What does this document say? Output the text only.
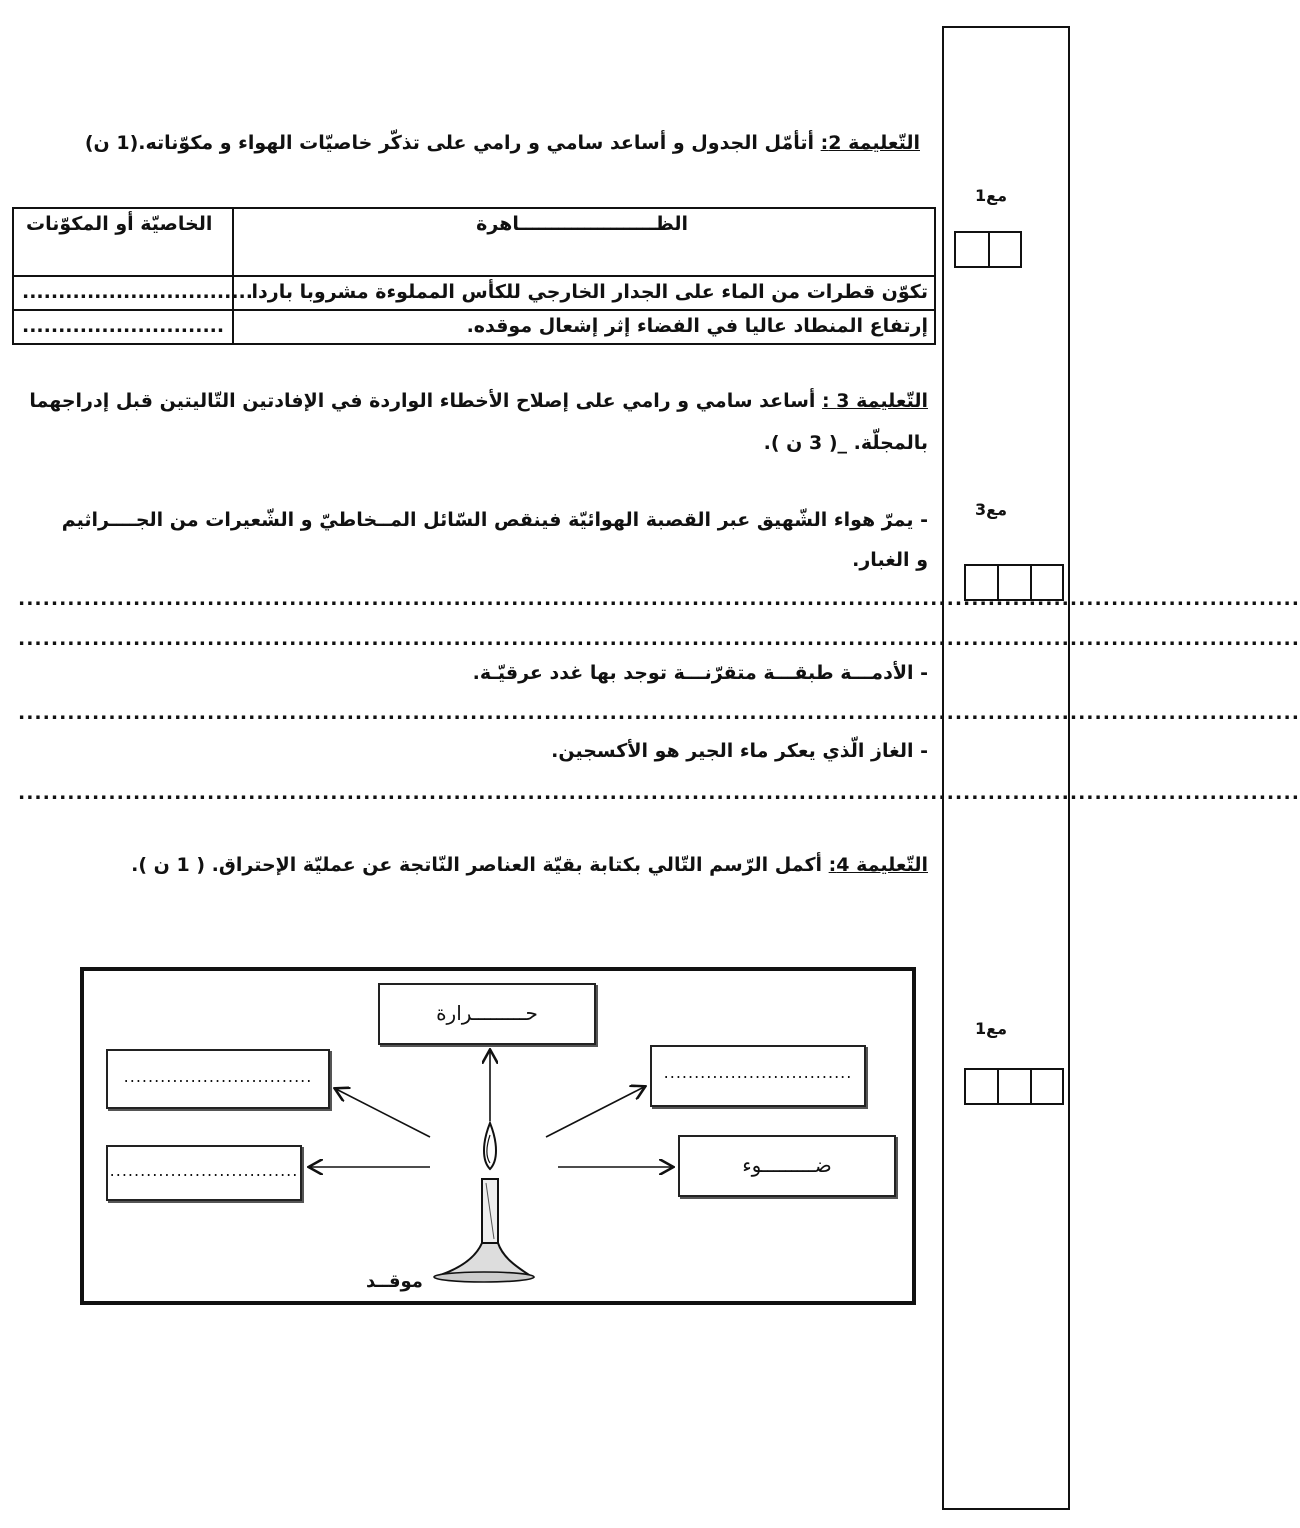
مع1
مع3
مع1
التّعليمة 2: أتأمّل الجدول و أساعد سامي و رامي على تذكّر خاصيّات الهواء و مكوّناته.(1 ن)
الظـــــــــــــــــــــاهرة
الخاصيّة أو المكوّنات
تكوّن قطرات من الماء على الجدار الخارجي للكأس المملوءة مشروبا باردا
................................
إرتفاع المنطاد عاليا في الفضاء إثر إشعال موقده.
............................
التّعليمة 3 : أساعد سامي و رامي على إصلاح الأخطاء الواردة في الإفادتين التّاليتين قبل إدراجهما
بالمجلّة. _( 3 ن ).
- يمرّ هواء الشّهيق عبر القصبة الهوائيّة فينقص السّائل المــخاطيّ و الشّعيرات من الجــــراثيم
و الغبار.
............................................................................................................................................................
............................................................................................................................................................
- الأدمـــة طبقـــة متقرّنـــة توجد بها غدد عرقيّـة.
............................................................................................................................................................
- الغاز الّذي يعكر ماء الجير هو الأكسجين.
............................................................................................................................................................
التّعليمة 4: أكمل الرّسم التّالي بكتابة بقيّة العناصر النّاتجة عن عمليّة الإحتراق. ( 1 ن ).
حـــــــــرارة
...............................
...............................
...............................
ضـــــــــوء
موقــد
